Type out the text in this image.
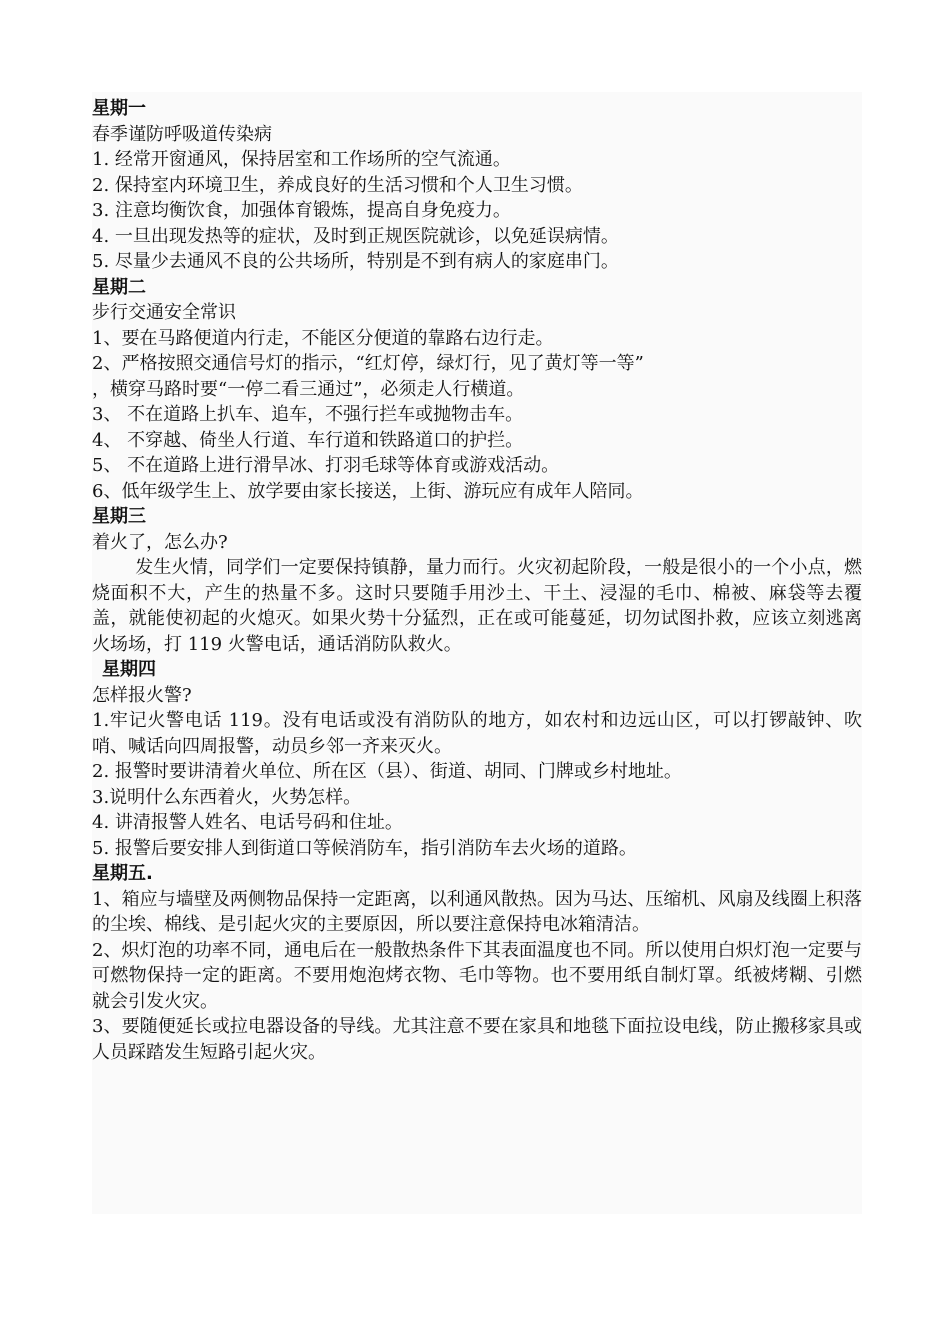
星期一
春季谨防呼吸道传染病
1. 经常开窗通风，保持居室和工作场所的空气流通。
2. 保持室内环境卫生，养成良好的生活习惯和个人卫生习惯。
3. 注意均衡饮食，加强体育锻炼，提高自身免疫力。
4. 一旦出现发热等的症状，及时到正规医院就诊，以免延误病情。
5. 尽量少去通风不良的公共场所，特别是不到有病人的家庭串门。
星期二
步行交通安全常识
1、要在马路便道内行走，不能区分便道的靠路右边行走。
2、严格按照交通信号灯的指示，“红灯停，绿灯行，见了黄灯等一等”
，横穿马路时要“一停二看三通过”，必须走人行横道。
3、 不在道路上扒车、追车，不强行拦车或抛物击车。
4、 不穿越、倚坐人行道、车行道和铁路道口的护拦。
5、 不在道路上进行滑旱冰、打羽毛球等体育或游戏活动。
6、低年级学生上、放学要由家长接送，上街、游玩应有成年人陪同。
星期三
着火了，怎么办?
发生火情，同学们一定要保持镇静，量力而行。火灾初起阶段，一般是很小的一个小点，燃烧面积不大，产生的热量不多。这时只要随手用沙土、干土、浸湿的毛巾、棉被、麻袋等去覆盖，就能使初起的火熄灭。如果火势十分猛烈，正在或可能蔓延，切勿试图扑救，应该立刻逃离火场场，打 119 火警电话，通话消防队救火。
星期四
怎样报火警?
1.牢记火警电话 119。没有电话或没有消防队的地方，如农村和边远山区，可以打锣敲钟、吹哨、喊话向四周报警，动员乡邻一齐来灭火。
2. 报警时要讲清着火单位、所在区（县）、街道、胡同、门牌或乡村地址。
3.说明什么东西着火，火势怎样。
4. 讲清报警人姓名、电话号码和住址。
5. 报警后要安排人到街道口等候消防车，指引消防车去火场的道路。
星期五.
1、箱应与墙壁及两侧物品保持一定距离，以利通风散热。因为马达、压缩机、风扇及线圈上积落的尘埃、棉线、是引起火灾的主要原因，所以要注意保持电冰箱清洁。
2、炽灯泡的功率不同，通电后在一般散热条件下其表面温度也不同。所以使用白炽灯泡一定要与可燃物保持一定的距离。不要用炮泡烤衣物、毛巾等物。也不要用纸自制灯罩。纸被烤糊、引燃就会引发火灾。
3、要随便延长或拉电器设备的导线。尤其注意不要在家具和地毯下面拉设电线，防止搬移家具或人员踩踏发生短路引起火灾。
